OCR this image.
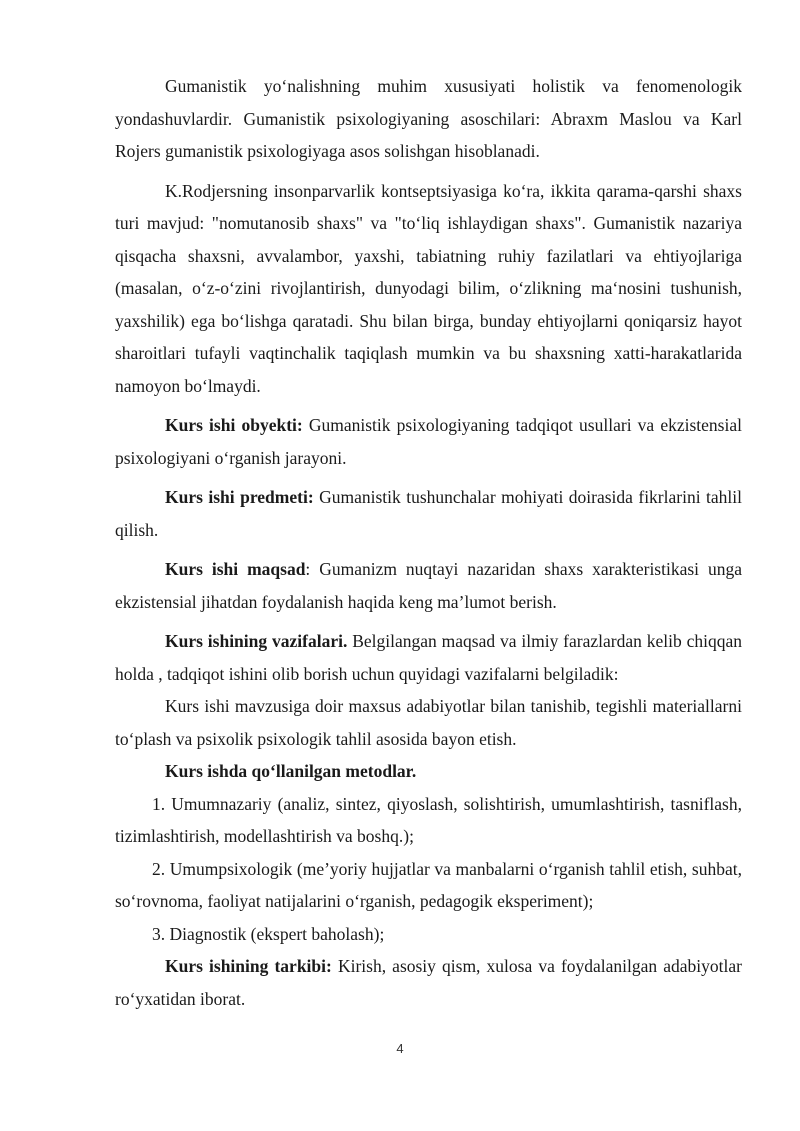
Gumanistik yo‘nalishning muhim xususiyati holistik va fenomenologik yondashuvlardir. Gumanistik psixologiyaning asoschilari: Abraxm Maslou va Karl Rojers gumanistik psixologiyaga asos solishgan hisoblanadi.

K.Rodjersning insonparvarlik kontseptsiyasiga ko‘ra, ikkita qarama-qarshi shaxs turi mavjud: "nomutanosib shaxs" va "to‘liq ishlaydigan shaxs". Gumanistik nazariya qisqacha shaxsni, avvalambor, yaxshi, tabiatning ruhiy fazilatlari va ehtiyojlariga (masalan, o‘z-o‘zini rivojlantirish, dunyodagi bilim, o‘zlikning ma‘nosini tushunish, yaxshilik) ega bo‘lishga qaratadi. Shu bilan birga, bunday ehtiyojlarni qoniqarsiz hayot sharoitlari tufayli vaqtinchalik taqiqlash mumkin va bu shaxsning xatti-harakatlarida namoyon bo‘lmaydi.

Kurs ishi obyekti: Gumanistik psixologiyaning tadqiqot usullari va ekzistensial psixologiyani o‘rganish jarayoni.

Kurs ishi predmeti: Gumanistik tushunchalar mohiyati doirasida fikrlarini tahlil qilish.

Kurs ishi maqsad: Gumanizm nuqtayi nazaridan shaxs xarakteristikasi unga ekzistensial jihatdan foydalanish haqida keng ma’lumot berish.

Kurs ishining vazifalari. Belgilangan maqsad va ilmiy farazlardan kelib chiqqan holda , tadqiqot ishini olib borish uchun quyidagi vazifalarni belgiladik:

Kurs ishi mavzusiga doir maxsus adabiyotlar bilan tanishib, tegishli materiallarni to‘plash va psixolik psixologik tahlil asosida bayon etish.

Kurs ishda qo‘llanilgan metodlar.

1. Umumnazariy (analiz, sintez, qiyoslash, solishtirish, umumlashtirish, tasniflash, tizimlashtirish, modellashtirish va boshq.);

2. Umumpsixologik (me’yoriy hujjatlar va manbalarni o‘rganish tahlil etish, suhbat, so‘rovnoma, faoliyat natijalarini o‘rganish, pedagogik eksperiment);

3. Diagnostik (ekspert baholash);

Kurs ishining tarkibi: Kirish, asosiy qism, xulosa va foydalanilgan adabiyotlar ro‘yxatidan iborat.

4
